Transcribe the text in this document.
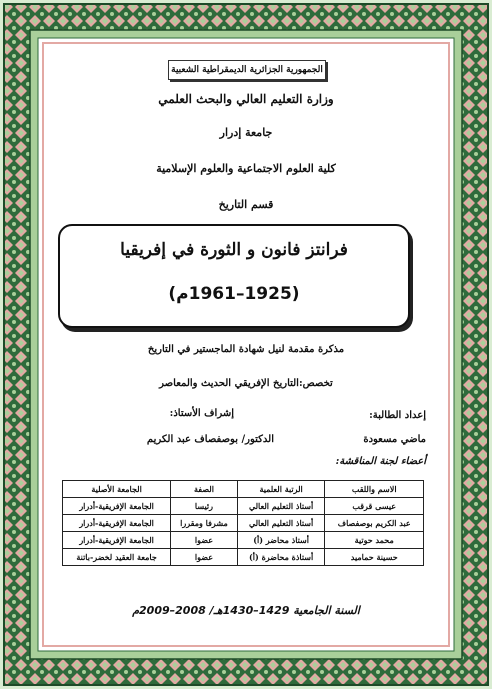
الجمهورية الجزائرية الديمقراطية الشعبية
وزارة التعليم العالي والبحث العلمي
جامعة إدرار
كلية العلوم الاجتماعية والعلوم الإسلامية
قسم التاريخ
فرانتز فانون و الثورة في إفريقيا
(1925–1961م)
مذكرة مقدمة لنيل شهادة الماجستير في التاريخ
تخصص:التاريخ الإفريقي الحديث والمعاصر
إعداد الطالبة:
ماضي مسعودة
إشراف الأستاذ:
الدكتور/ بوصفصاف عبد الكريم
أعضاء لجنة المناقشة:
الاسم واللقب	الرتبة العلمية	الصفة	الجامعة الأصلية
عيسى قرقب	أستاذ التعليم العالي	رئيسا	الجامعة الإفريقية-أدرار
عبد الكريم بوصفصاف	أستاذ التعليم العالي	مشرفا ومقررا	الجامعة الإفريقية-أدرار
محمد حوتية	أستاذ محاضر (أ)	عضوا	الجامعة الإفريقية-أدرار
حسينة حماميد	أستاذة محاضرة (أ)	عضوا	جامعة العقيد لخضر-باتنة
السنة الجامعية 1429–1430هـ/ 2008–2009م
